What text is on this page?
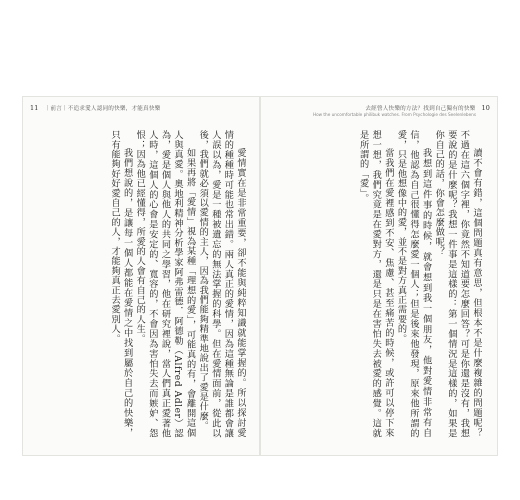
11 ｜前言｜不追求愛人認同的快樂，才能真快樂

愛情實在是非常重要，卻不能與純粹知識就能掌握的。所以探討愛情的種種時可能也常出錯。兩人真正的愛情，因為這種無論是誰都會讓人誤以為，愛是一種被遺忘的無法掌握的科學。但在愛情面前，從此以後，我們就必須以愛情的主人，因為我們能夠精準地說出了愛是什麼。

如果再將「愛情」視為某種「理想的愛」，可能真的有，會離開這個人與真愛。奧地利精神分析學家阿弗雷德．阿德勒（Alfred Adler）認為，愛是個人與他人的共同之學習，他在研究裡說，當人們真正愛著他人時，這個人的心會是安定的、寬容的，不會因為害怕失去而嫉妒、怨恨；因為他已經懂得，所愛的人會有自己的人生。

我們想說的，是讓每一個人都能在愛情之中找到屬於自己的快樂，只有能夠好好愛自己的人，才能夠真正去愛別人。

去經營人快樂的方法？找到自己獨有的快樂 10
How the uncomfortable philibuk watches. From Psychologie des Seelenlebens

讀不會有錯，這個問題真有意思，但根本不是什麼複雜的問題呢？不過在這六個字裡，你竟然不知道要怎麼回答？可是你還是沒有，我想要說的是什麼呢？我想一件事是這樣的：第一個情況是這樣的，如果是你自己的話，你會怎麼做呢？

我想到這件事的時候，就會想到我一個朋友，他對愛情非常有自信，他認為自己很懂得怎麼愛一個人；但是後來他發現，原來他所謂的愛，只是他想像中的愛，並不是對方真正需要的。

當我們在愛裡感到不安、焦慮、甚至痛苦的時候，或許可以停下來想一想，我們究竟是在愛對方，還是只是在害怕失去被愛的感覺。這就是所謂的「愛」。
